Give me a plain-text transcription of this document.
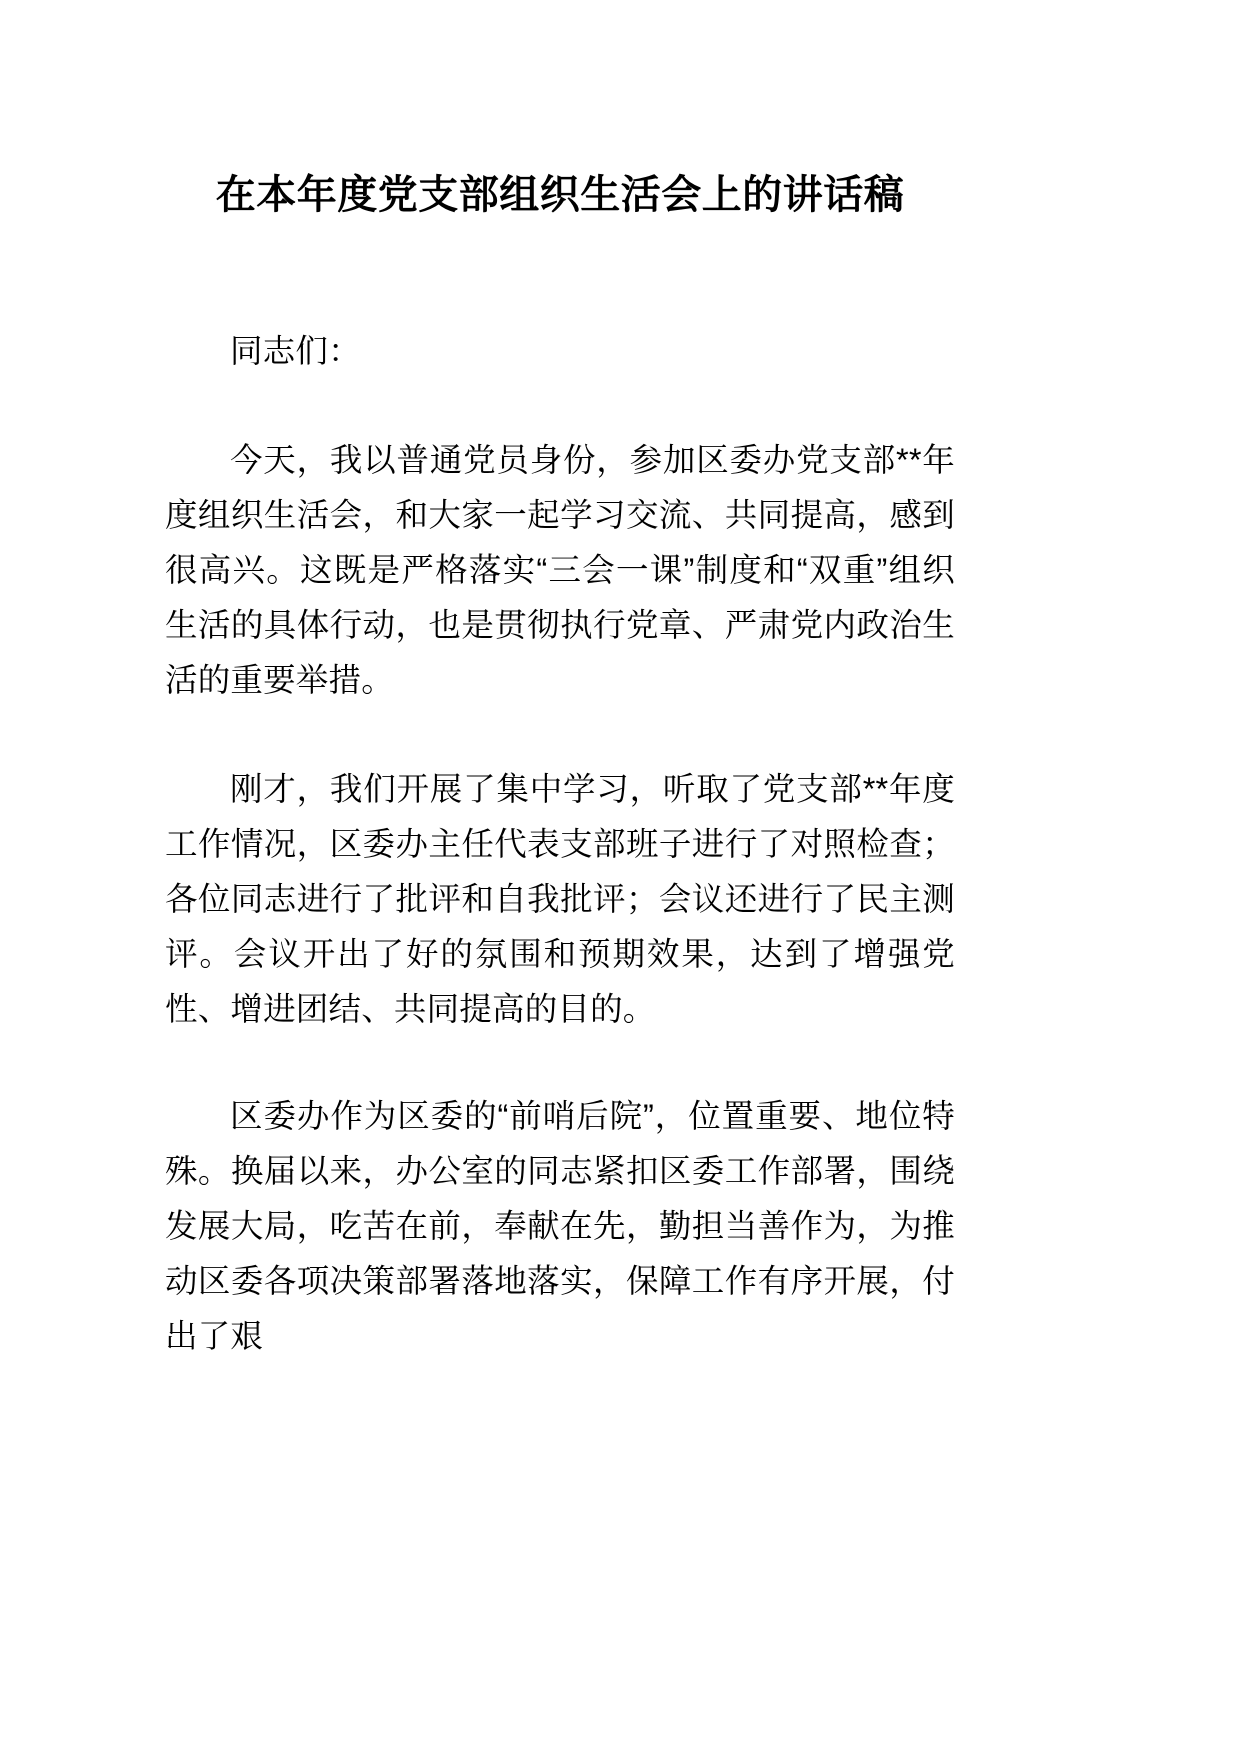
在本年度党支部组织生活会上的讲话稿

同志们：

今天，我以普通党员身份，参加区委办党支部**年度组织生活会，和大家一起学习交流、共同提高，感到很高兴。这既是严格落实“三会一课”制度和“双重”组织生活的具体行动，也是贯彻执行党章、严肃党内政治生活的重要举措。

刚才，我们开展了集中学习，听取了党支部**年度工作情况，区委办主任代表支部班子进行了对照检查；各位同志进行了批评和自我批评；会议还进行了民主测评。会议开出了好的氛围和预期效果，达到了增强党性、增进团结、共同提高的目的。

区委办作为区委的“前哨后院”，位置重要、地位特殊。换届以来，办公室的同志紧扣区委工作部署，围绕发展大局，吃苦在前，奉献在先，勤担当善作为，为推动区委各项决策部署落地落实，保障工作有序开展，付出了艰
